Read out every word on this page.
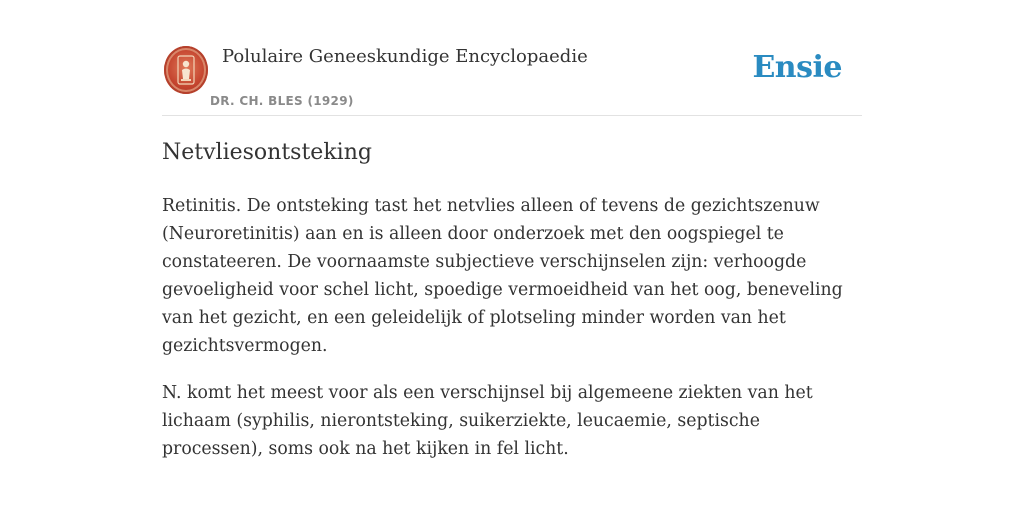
Polulaire Geneeskundige Encyclopaedie
DR. CH. BLES (1929)
Ensie
Netvliesontsteking

Retinitis. De ontsteking tast het netvlies alleen of tevens de gezichtszenuw (Neuroretinitis) aan en is alleen door onderzoek met den oogspiegel te constateeren. De voornaamste subjectieve verschijnselen zijn: verhoogde gevoeligheid voor schel licht, spoedige vermoeidheid van het oog, beneveling van het gezicht, en een geleidelijk of plotseling minder worden van het gezichtsvermogen.

N. komt het meest voor als een verschijnsel bij algemeene ziekten van het lichaam (syphilis, nierontsteking, suikerziekte, leucaemie, septische processen), soms ook na het kijken in fel licht.
